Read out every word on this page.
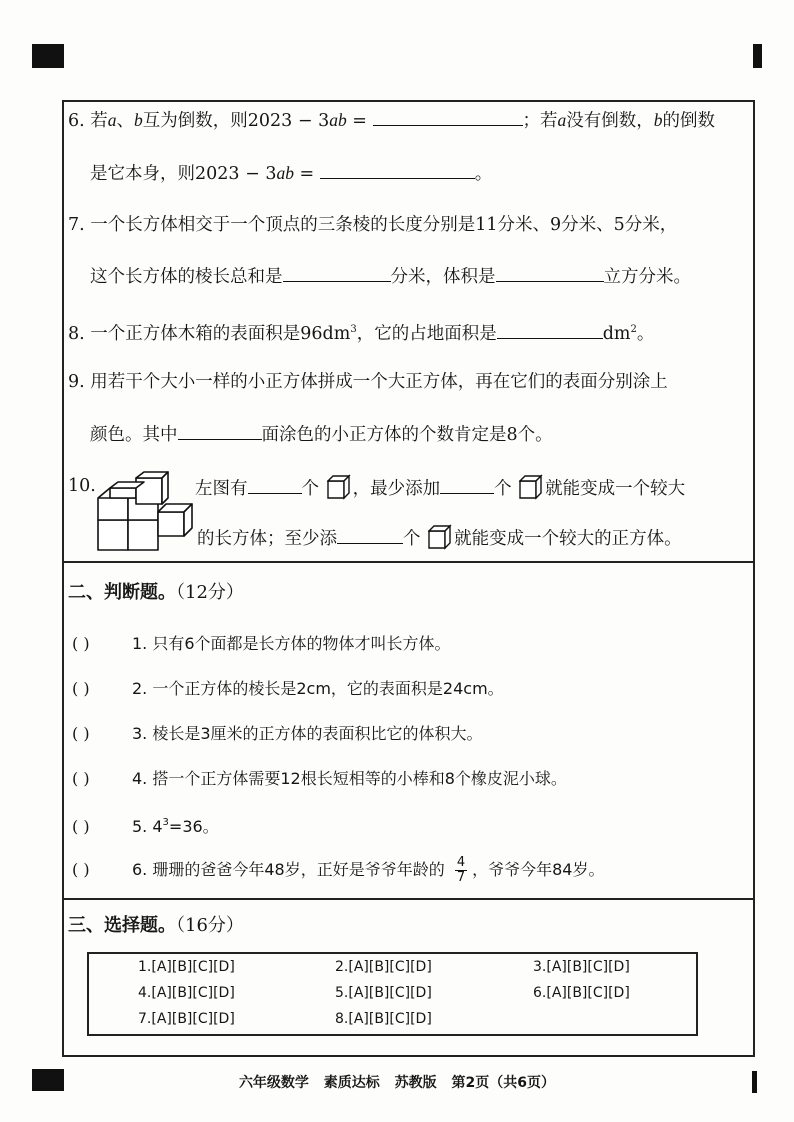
6. 若a、b互为倒数，则2023 − 3ab =	；若a没有倒数，b的倒数
是它本身，则2023 − 3ab =	。
7. 一个长方体相交于一个顶点的三条棱的长度分别是11分米、9分米、5分米，
这个长方体的棱长总和是	分米，体积是	立方分米。
8. 一个正方体木箱的表面积是$96dm^3$，它的占地面积是	$dm^2$。
9. 用若干个大小一样的小正方体拼成一个大正方体，再在它们的表面分别涂上
颜色。其中	面涂色的小正方体的个数肯定是8个。
10.	左图有	个 ，最少添加	个 就能变成一个较大
的长方体；至少添	个 就能变成一个较大的正方体。
二、判断题。（12分）
( )	1. 只有6个面都是长方体的物体才叫长方体。
( )	2. 一个正方体的棱长是2cm，它的表面积是24cm。
( )	3. 棱长是3厘米的正方体的表面积比它的体积大。
( )	4. 搭一个正方体需要12根长短相等的小棒和8个橡皮泥小球。
( )	5. $4^3=36$。
( )	6. 珊珊的爸爸今年48岁，正好是爷爷年龄的 $\frac{4}{7}$ ，爷爷今年84岁。
三、选择题。（16分）
1.[A][B][C][D]	2.[A][B][C][D]	3.[A][B][C][D]
4.[A][B][C][D]	5.[A][B][C][D]	6.[A][B][C][D]
7.[A][B][C][D]	8.[A][B][C][D]
六年级数学 素质达标 苏教版 第2页（共6页）
